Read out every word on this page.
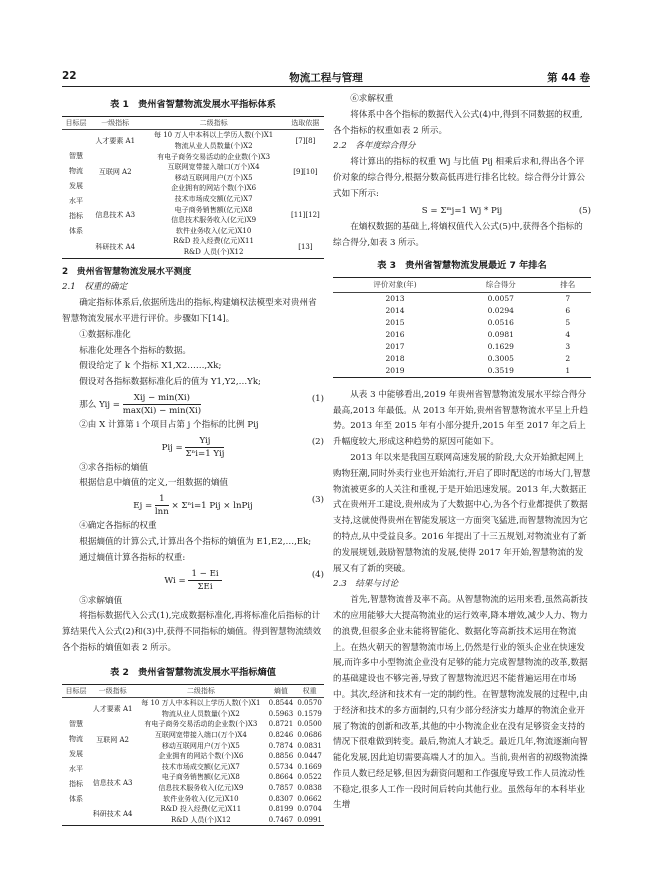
22	物流工程与管理	第 44 卷
表 1　贵州省智慧物流发展水平指标体系
目标层	一级指标	二级指标	选取依据

智慧物流发展水平指标体系	人才要素 A1	每 10 万人中本科以上学历人数(个)X1	[7][8]
		物流从业人员数量(个)X2	
	互联网 A2	有电子商务交易活动的企业数(个)X3	[9][10]
		互联网宽带接入端口(万个)X4	
		移动互联网用户(万个)X5	
		企业拥有的网站个数(个)X6	
	信息技术 A3	技术市场成交额(亿元)X7	[11][12]
		电子商务销售额(亿元)X8	
		信息技术服务收入(亿元)X9	
		软件业务收入(亿元)X10	
	科研技术 A4	R&D 投入经费(亿元)X11	[13]
		R&D 人员(个)X12	

2　贵州省智慧物流发展水平测度

2.1　权重的确定

确定指标体系后,依据所选出的指标,构建熵权法模型来对贵州省智慧物流发展水平进行评价。步骤如下[14]。

①数据标准化

标准化处理各个指标的数据。

假设给定了 k 个指标 X1,X2……,Xk;

假设对各指标数据标准化后的值为 Y1,Y2,…Yk;

那么 Yij = $\frac{\text{Xij − min(Xi)}}{\max(Xi) - \min(Xi)}$	(1)

②由 X 计算第 i 个项目占第 j 个指标的比例 Pij

Pij = $\frac{\text{Yij}}{\text{Σⁿi=1 Yij}}$	(2)

③求各指标的熵值

根据信息中熵值的定义,一组数据的熵值

$Ej = \frac{1}{\ln n} \times \Sigma^ni=1$ Pij × lnPij
(3)

④确定各指标的权重

根据熵值的计算公式,计算出各个指标的熵值为 E1,E2,…,Ek;

通过熵值计算各指标的权重:

$Wi = \frac{1 - Ei}{\text{ΣEi}}$	(4)

⑤求解熵值

将指标数据代入公式(1),完成数据标准化,再将标准化后指标的计算结果代入公式(2)和(3)中,获得不同指标的熵值。得到智慧物流绩效各个指标的熵值如表 2 所示。

表 2　贵州省智慧物流发展水平指标熵值
目标层	一级指标	二级指标	熵值	权重

智慧物流发展水平指标体系	人才要素 A1	每 10 万人中本科以上学历人数(个)X1	0.8544	0.0570
		物流从业人员数量(个)X2	0.5963	0.1579
	互联网 A2	有电子商务交易活动的企业数(个)X3	0.8721	0.0500
		互联网宽带接入端口(万个)X4	0.8246	0.0686
		移动互联网用户(万个)X5	0.7874	0.0831
		企业拥有的网站个数(个)X6	0.8856	0.0447
	信息技术 A3	技术市场成交额(亿元)X7	0.5734	0.1669
		电子商务销售额(亿元)X8	0.8664	0.0522
		信息技术服务收入(亿元)X9	0.7857	0.0838
		软件业务收入(亿元)X10	0.8307	0.0662
	科研技术 A4	R&D 投入经费(亿元)X11	0.8199	0.0704
		R&D 人员(个)X12	0.7467	0.0991

⑥求解权重

将体系中各个指标的数据代入公式(4)中,得到不同数据的权重,各个指标的权重如表 2 所示。

2.2　各年度综合得分

将计算出的指标的权重 Wj 与比值 Pij 相乘后求和,得出各个评价对象的综合得分,根据分数高低再进行排名比较。综合得分计算公式如下所示:

S = Σᵐj=1 Wj * Pij	(5)

在熵权数据的基础上,将熵权值代入公式(5)中,获得各个指标的综合得分,如表 3 所示。

表 3　贵州省智慧物流发展最近 7 年排名
评价对象(年)	综合得分	排名
2013	0.0057	7
2014	0.0294	6
2015	0.0516	5
2016	0.0981	4
2017	0.1629	3
2018	0.3005	2
2019	0.3519	1

从表 3 中能够看出,2019 年贵州省智慧物流发展水平综合得分最高,2013 年最低。从 2013 年开始,贵州省智慧物流水平呈上升趋势。2013 年至 2015 年有小部分提升,2015 年至 2017 年之后上升幅度较大,形成这种趋势的原因可能如下。

2013 年以来是我国互联网高速发展的阶段,大众开始掀起网上购物狂潮,同时外卖行业也开始流行,开启了即时配送的市场大门,智慧物流被更多的人关注和重视,于是开始迅速发展。2013 年,大数据正式在贵州开工建设,贵州成为了大数据中心,为各个行业都提供了数据支持,这就使得贵州在智能发展这一方面突飞猛进,而智慧物流因为它的特点,从中受益良多。2016 年提出了十三五规划,对物流业有了新的发展规划,鼓励智慧物流的发展,使得 2017 年开始,智慧物流的发展又有了新的突破。

2.3　结果与讨论

首先,智慧物流普及率不高。从智慧物流的运用来看,虽然高新技术的应用能够大大提高物流业的运行效率,降本增效,减少人力、物力的浪费,但很多企业未能将智能化、数据化等高新技术运用在物流上。在热火朝天的智慧物流市场上,仍然是行业的领头企业在快速发展,而许多中小型物流企业没有足够的能力完成智慧物流的改革,数据的基础建设也不够完善,导致了智慧物流迟迟不能普遍运用在市场中。其次,经济和技术有一定的制约性。在智慧物流发展的过程中,由于经济和技术的多方面制约,只有少部分经济实力雄厚的物流企业开展了物流的创新和改革,其他的中小物流企业在没有足够资金支持的情况下很难做到转变。最后,物流人才缺乏。最近几年,物流逐渐向智能化发展,因此迫切需要高端人才的加入。当前,贵州省的初级物流操作员人数已经足够,但因为薪资问题和工作强度导致工作人员流动性不稳定,很多人工作一段时间后转向其他行业。虽然每年的本科毕业生增
